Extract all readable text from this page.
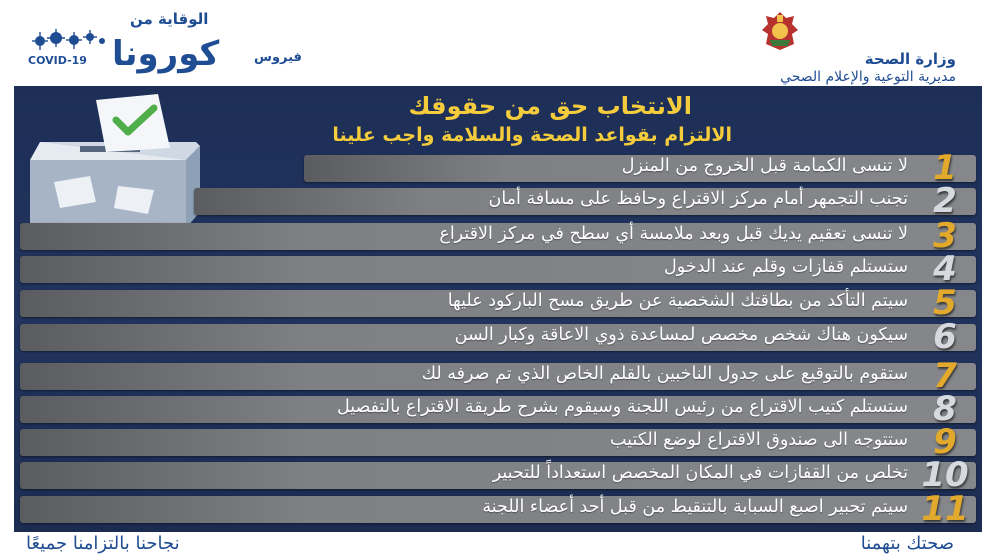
COVID-19
الوقاية من
كورونا	فيروس	وزارة الصحة
مديرية التوعية والإعلام الصحي
الانتخاب حق من حقوقك
الالتزام بقواعد الصحة والسلامة واجب علينا
لا تنسى الكمامة قبل الخروج من المنزل 1
تجنب التجمهر أمام مركز الاقتراع وحافظ على مسافة أمان 2
لا تنسى تعقيم يديك قبل وبعد ملامسة أي سطح في مركز الاقتراع 3
ستستلم قفازات وقلم عند الدخول 4
سيتم التأكد من بطاقتك الشخصية عن طريق مسح الباركود عليها 5
سيكون هناك شخص مخصص لمساعدة ذوي الاعاقة وكبار السن 6
ستقوم بالتوقيع على جدول الناخبين بالقلم الخاص الذي تم صرفه لك 7
ستستلم كتيب الاقتراع من رئيس اللجنة وسيقوم بشرح طريقة الاقتراع بالتفصيل 8
ستتوجه الى صندوق الاقتراع لوضع الكتيب 9
تخلص من القفازات في المكان المخصص استعداداً للتحبير 10
سيتم تحبير اصبع السبابة بالتنقيط من قبل أحد أعضاء اللجنة 11
نجاحنا بالتزامنا جميعًا	صحتك بتهمنا
